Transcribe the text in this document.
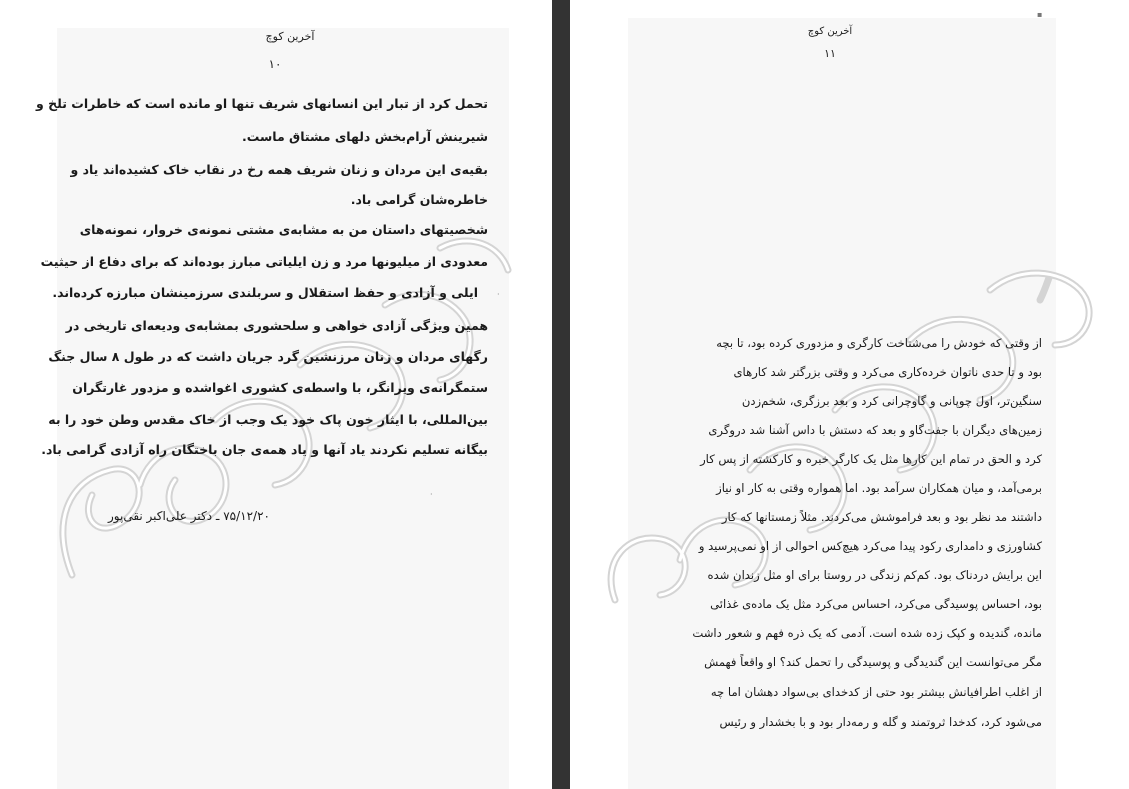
آخرین کوچ
۱۰
تحمل کرد از تبار این انسانهای شریف تنها او مانده است که خاطرات تلخ و
شیرینش آرام‌بخش دلهای مشتاق ماست.
بقیه‌ی این مردان و زنان شریف همه رخ در نقاب خاک کشیده‌اند یاد و
خاطره‌شان گرامی باد.
شخصیتهای داستان من به مشابه‌ی مشتی نمونه‌ی خروار، نمونه‌های
معدودی از میلیونها مرد و زن ایلیاتی مبارز بوده‌اند که برای دفاع از حیثیت
ایلی و آزادی و حفظ استقلال و سربلندی سرزمینشان مبارزه کرده‌اند.
همین ویژگی آزادی خواهی و سلحشوری بمشابه‌ی ودیعه‌ای تاریخی در
رگهای مردان و زنان مرزنشین گرد جریان داشت که در طول ۸ سال جنگ
ستمگرانه‌ی ویرانگر، با واسطه‌ی کشوری اغواشده و مزدور غارتگران
بین‌المللی، با ایثار خون پاک خود یک وجب از خاک مقدس وطن خود را به
بیگانه تسلیم نکردند یاد آنها و یاد همه‌ی جان باختگان راه آزادی گرامی باد.
۷۵/۱۲/۲۰ ـ دکتر علی‌اکبر نقی‌پور
·
·
آخرین کوچ
۱۱
از وقتی که خودش را می‌شناخت کارگری و مزدوری کرده بود، تا بچه
بود و تا حدی ناتوان خرده‌کاری می‌کرد و وقتی بزرگتر شد کارهای
سنگین‌تر، اول چوپانی و گاوچرانی کرد و بعد برزگری، شخم‌زدن
زمین‌های دیگران با جفت‌گاو و بعد که دستش با داس آشنا شد دروگری
کرد و الحق در تمام این کارها مثل یک کارگر خبره و کارکشته از پس کار
برمی‌آمد، و میان همکاران سرآمد بود. اما همواره وقتی به کار او نیاز
داشتند مد نظر بود و بعد فراموشش می‌کردند. مثلاً زمستانها که کار
کشاورزی و دامداری رکود پیدا می‌کرد هیچ‌کس احوالی از او نمی‌پرسید و
این برایش دردناک بود. کم‌کم زندگی در روستا برای او مثل زندان شده
بود، احساس پوسیدگی می‌کرد، احساس می‌کرد مثل یک ماده‌ی غذائی
مانده، گندیده و کپک زده شده است. آدمی که یک ذره فهم و شعور داشت
مگر می‌توانست این گندیدگی و پوسیدگی را تحمل کند؟ او واقعاً فهمش
از اغلب اطرافیانش بیشتر بود حتی از کدخدای بی‌سواد دهشان اما چه
می‌شود کرد، کدخدا ثروتمند و گله و رمه‌دار بود و با بخشدار و رئیس
▪
